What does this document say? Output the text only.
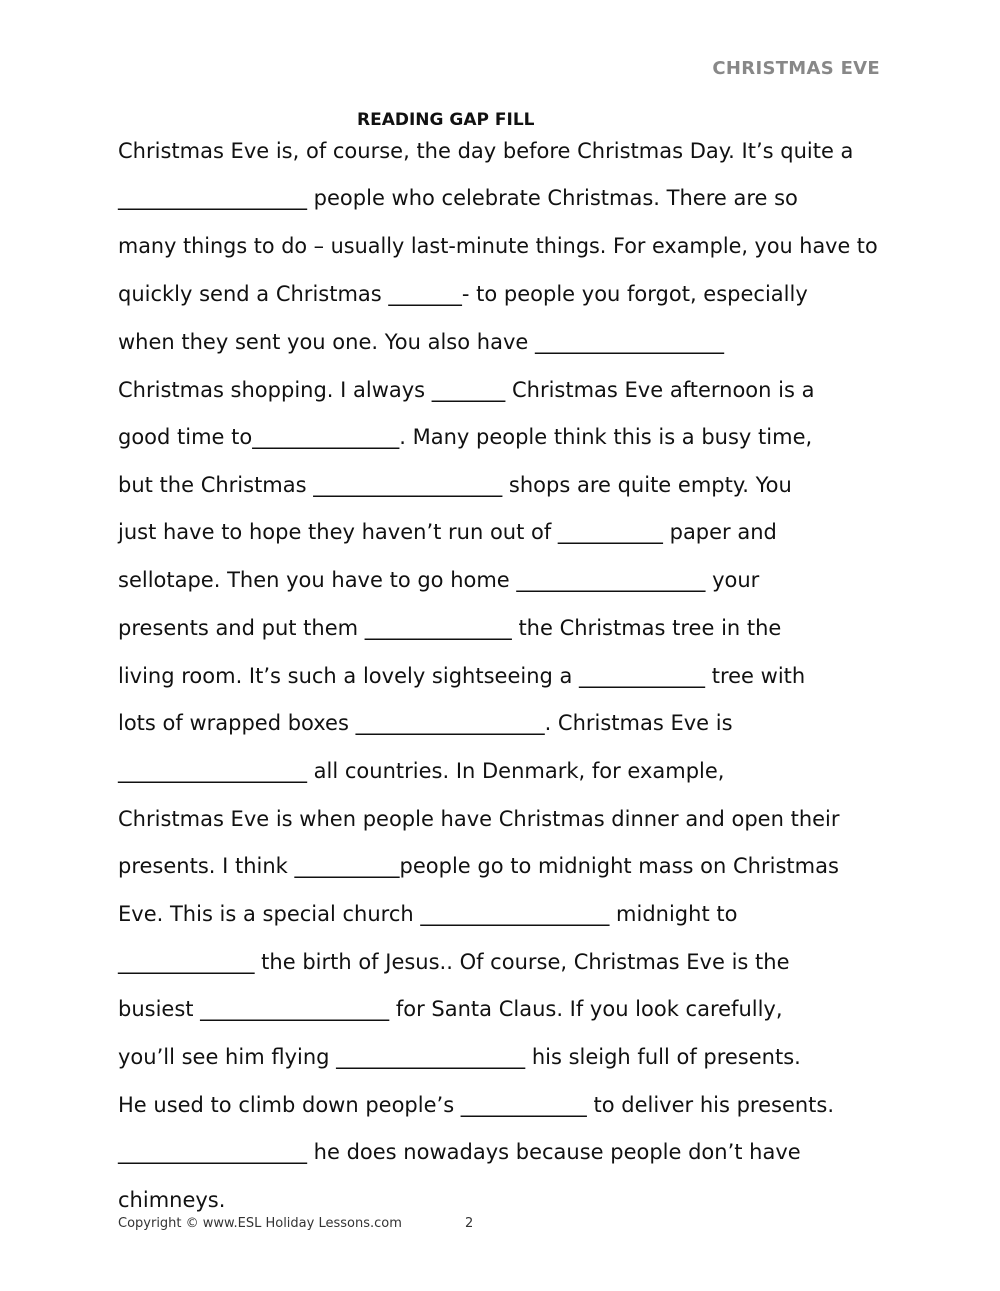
CHRISTMAS EVE
READING GAP FILL
Christmas Eve is, of course, the day before Christmas Day. It’s quite a
__________________ people who celebrate Christmas. There are so
many things to do – usually last-minute things. For example, you have to
quickly send a Christmas _______- to people you forgot, especially
when they sent you one. You also have __________________
Christmas shopping. I always _______ Christmas Eve afternoon is a
good time to______________. Many people think this is a busy time,
but the Christmas __________________ shops are quite empty. You
just have to hope they haven’t run out of __________ paper and
sellotape. Then you have to go home __________________ your
presents and put them ______________ the Christmas tree in the
living room. It’s such a lovely sightseeing a ____________ tree with
lots of wrapped boxes __________________. Christmas Eve is
__________________ all countries. In Denmark, for example,
Christmas Eve is when people have Christmas dinner and open their
presents. I think __________people go to midnight mass on Christmas
Eve. This is a special church __________________ midnight to
_____________ the birth of Jesus.. Of course, Christmas Eve is the
busiest __________________ for Santa Claus. If you look carefully,
you’ll see him flying __________________ his sleigh full of presents.
He used to climb down people’s ____________ to deliver his presents.
__________________ he does nowadays because people don’t have
chimneys.
Copyright © www.ESL Holiday Lessons.com	2
